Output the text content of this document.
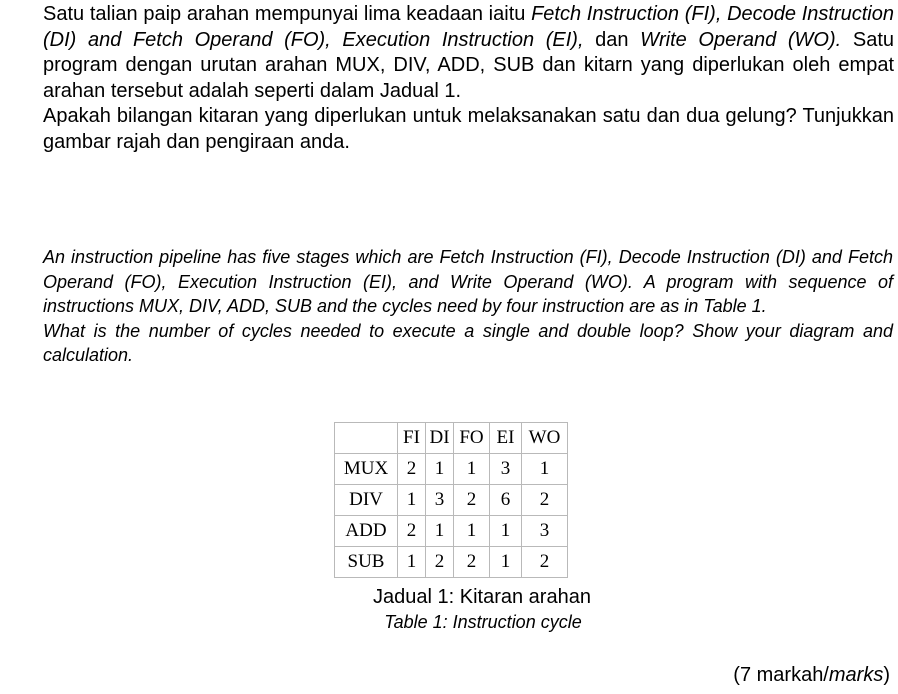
Satu talian paip arahan mempunyai lima keadaan iaitu Fetch Instruction (FI), Decode Instruction (DI) and Fetch Operand (FO), Execution Instruction (EI), dan Write Operand (WO). Satu program dengan urutan arahan MUX, DIV, ADD, SUB dan kitarn yang diperlukan oleh empat arahan tersebut adalah seperti dalam Jadual 1.

Apakah bilangan kitaran yang diperlukan untuk melaksanakan satu dan dua gelung? Tunjukkan gambar rajah dan pengiraan anda.

An instruction pipeline has five stages which are Fetch Instruction (FI), Decode Instruction (DI) and Fetch Operand (FO), Execution Instruction (EI), and Write Operand (WO). A program with sequence of instructions MUX, DIV, ADD, SUB and the cycles need by four instruction are as in Table 1.

What is the number of cycles needed to execute a single and double loop? Show your diagram and calculation.

	FI	DI	FO	EI	WO
MUX	2	1	1	3	1
DIV	1	3	2	6	2
ADD	2	1	1	1	3
SUB	1	2	2	1	2
Jadual 1: Kitaran arahan
Table 1: Instruction cycle
(7 markah/marks)
